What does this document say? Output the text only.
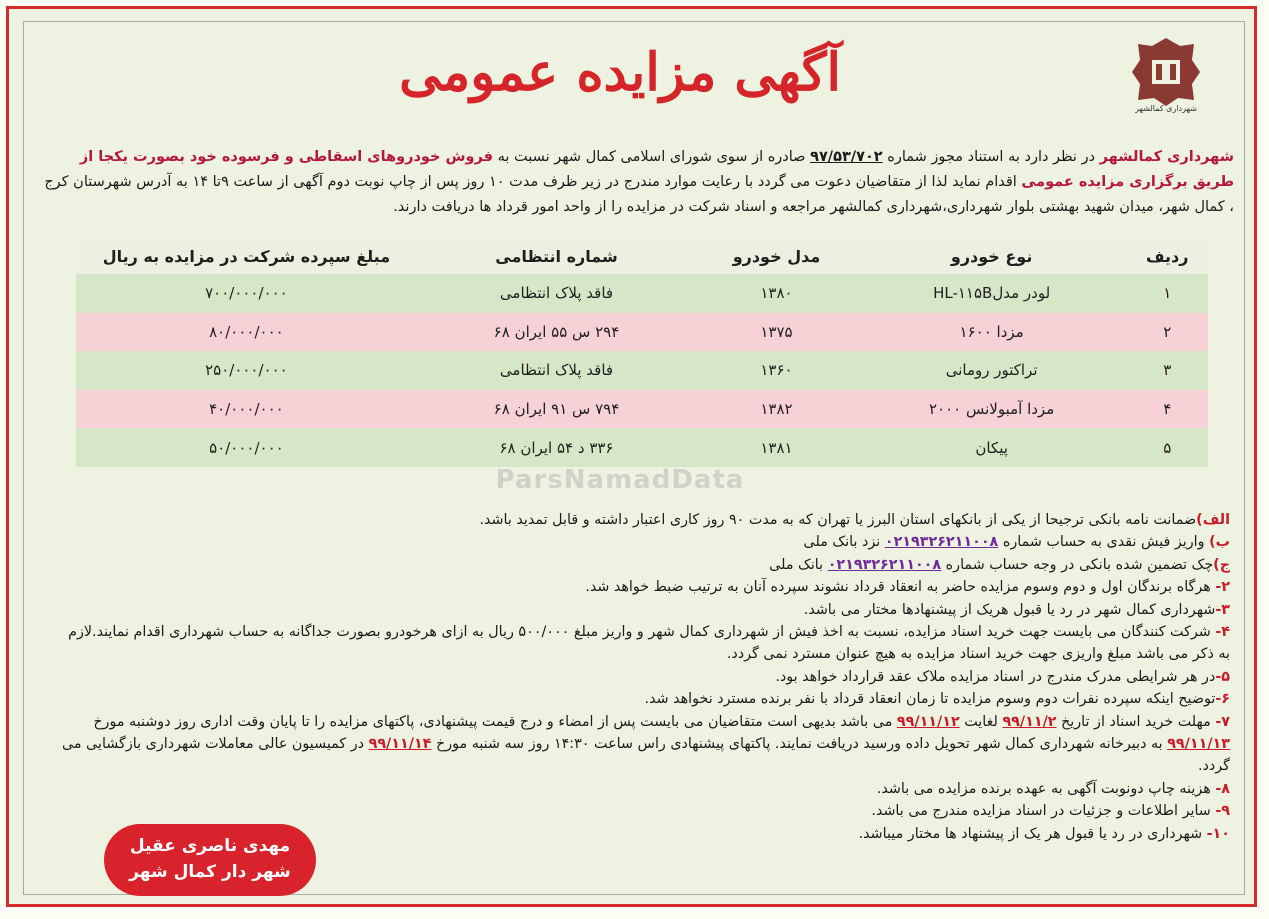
شهرداری کمالشهر
آگهی مزایده عمومی
شهرداری کمالشهر در نظر دارد به استناد مجوز شماره ۹۷/۵۳/۷۰۲ صادره از سوی شورای اسلامی کمال شهر نسبت به فروش خودروهای اسقاطی و فرسوده خود بصورت یکجا از طریق برگزاری مزایده عمومی اقدام نماید لذا از متقاضیان دعوت می گردد با رعایت موارد مندرج در زیر ظرف مدت ۱۰ روز پس از چاپ نوبت دوم آگهی از ساعت ۹تا ۱۴ به آدرس شهرستان کرج ، کمال شهر، میدان شهید بهشتی بلوار شهرداری،شهرداری کمالشهر مراجعه و اسناد شرکت در مزایده را از واحد امور قرداد ها دریافت دارند.
ردیف	نوع خودرو	مدل خودرو	شماره انتظامی	مبلغ سپرده شرکت در مزایده به ریال
۱	لودر مدلHL-۱۱۵B	۱۳۸۰	فاقد پلاک انتظامی	۷۰۰/۰۰۰/۰۰۰
۲	مزدا ۱۶۰۰	۱۳۷۵	۲۹۴ س ۵۵ ایران ۶۸	۸۰/۰۰۰/۰۰۰
۳	تراکتور رومانی	۱۳۶۰	فاقد پلاک انتظامی	۲۵۰/۰۰۰/۰۰۰
۴	مزدا آمبولانس ۲۰۰۰	۱۳۸۲	۷۹۴ س ۹۱ ایران ۶۸	۴۰/۰۰۰/۰۰۰
۵	پیکان	۱۳۸۱	۳۳۶ د ۵۴ ایران ۶۸	۵۰/۰۰۰/۰۰۰
ParsNamadData

الف)ضمانت نامه بانکی ترجیحا از یکی از بانکهای استان البرز یا تهران که به مدت ۹۰ روز کاری اعتبار داشته و قابل تمدید باشد.

ب) واریز فیش نقدی به حساب شماره ۰۲۱۹۳۲۶۲۱۱۰۰۸ نزد بانک ملی

ج)چک تضمین شده بانکی در وجه حساب شماره ۰۲۱۹۳۲۶۲۱۱۰۰۸ بانک ملی

۲- هرگاه برندگان اول و دوم وسوم مزایده حاضر به انعقاد قرداد نشوند سپرده آنان به ترتیب ضبط خواهد شد.

۳-شهرداری کمال شهر در رد یا قبول هریک از پیشنهادها مختار می باشد.

۴- شرکت کنندگان می بایست جهت خرید اسناد مزایده، نسبت به اخذ فیش از شهرداری کمال شهر و واریز مبلغ ۵۰۰/۰۰۰ ریال به ازای هرخودرو بصورت جداگانه به حساب شهرداری اقدام نمایند.لازم به ذکر می باشد مبلغ واریزی جهت خرید اسناد مزایده به هیچ عنوان مسترد نمی گردد.

۵-در هر شرایطی مدرک مندرج در اسناد مزایده ملاک عقد قرارداد خواهد بود.

۶-توضیح اینکه سپرده نفرات دوم وسوم مزایده تا زمان انعقاد قرداد با نفر برنده مسترد نخواهد شد.

۷- مهلت خرید اسناد از تاریخ ۹۹/۱۱/۲ لغایت ۹۹/۱۱/۱۲ می باشد بدیهی است متقاضیان می بایست پس از امضاء و درج قیمت پیشنهادی، پاکتهای مزایده را تا پایان وقت اداری روز دوشنبه مورخ ۹۹/۱۱/۱۳ به دبیرخانه شهرداری کمال شهر تحویل داده ورسید دریافت نمایند. پاکتهای پیشنهادی راس ساعت ۱۴:۳۰ روز سه شنبه مورخ ۹۹/۱۱/۱۴ در کمیسیون عالی معاملات شهرداری بازگشایی می گردد.

۸- هزینه چاپ دونوبت آگهی به عهده برنده مزایده می باشد.

۹- سایر اطلاعات و جزئیات در اسناد مزایده مندرج می باشد.

۱۰- شهرداری در رد یا قبول هر یک از پیشنهاد ها مختار میباشد.

مهدی ناصری عقیل
شهر دار کمال شهر
